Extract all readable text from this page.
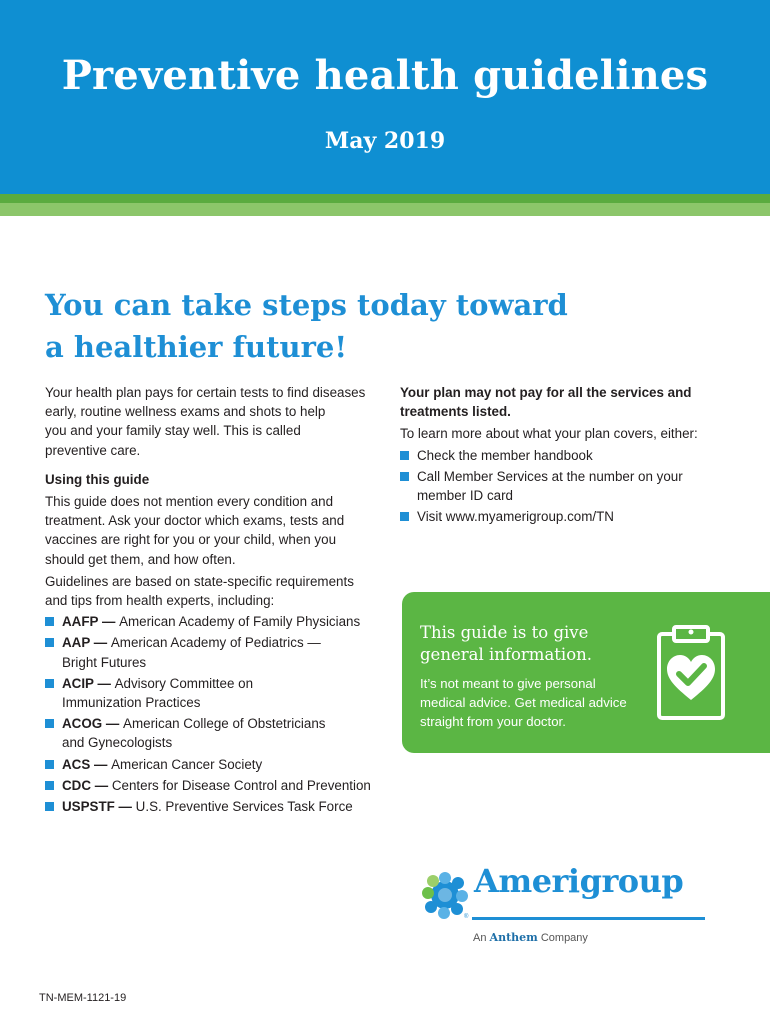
Preventive health guidelines
May 2019
You can take steps today toward
a healthier future!

Your health plan pays for certain tests to find diseases
early, routine wellness exams and shots to help
you and your family stay well. This is called
preventive care.

Using this guide

This guide does not mention every condition and
treatment. Ask your doctor which exams, tests and
vaccines are right for you or your child, when you
should get them, and how often.

Guidelines are based on state-specific requirements
and tips from health experts, including:

AAFP — American Academy of Family Physicians
AAP — American Academy of Pediatrics —
Bright Futures
ACIP — Advisory Committee on
Immunization Practices
ACOG — American College of Obstetricians
and Gynecologists
ACS — American Cancer Society
CDC — Centers for Disease Control and Prevention
USPSTF — U.S. Preventive Services Task Force

Your plan may not pay for all the services and
treatments listed.

To learn more about what your plan covers, either:

Check the member handbook
Call Member Services at the number on your
member ID card
Visit www.myamerigroup.com/TN
This guide is to give
general information.
It’s not meant to give personal
medical advice. Get medical advice
straight from your doctor.
Amerigroup
®
An Anthem Company
TN-MEM-1121-19
